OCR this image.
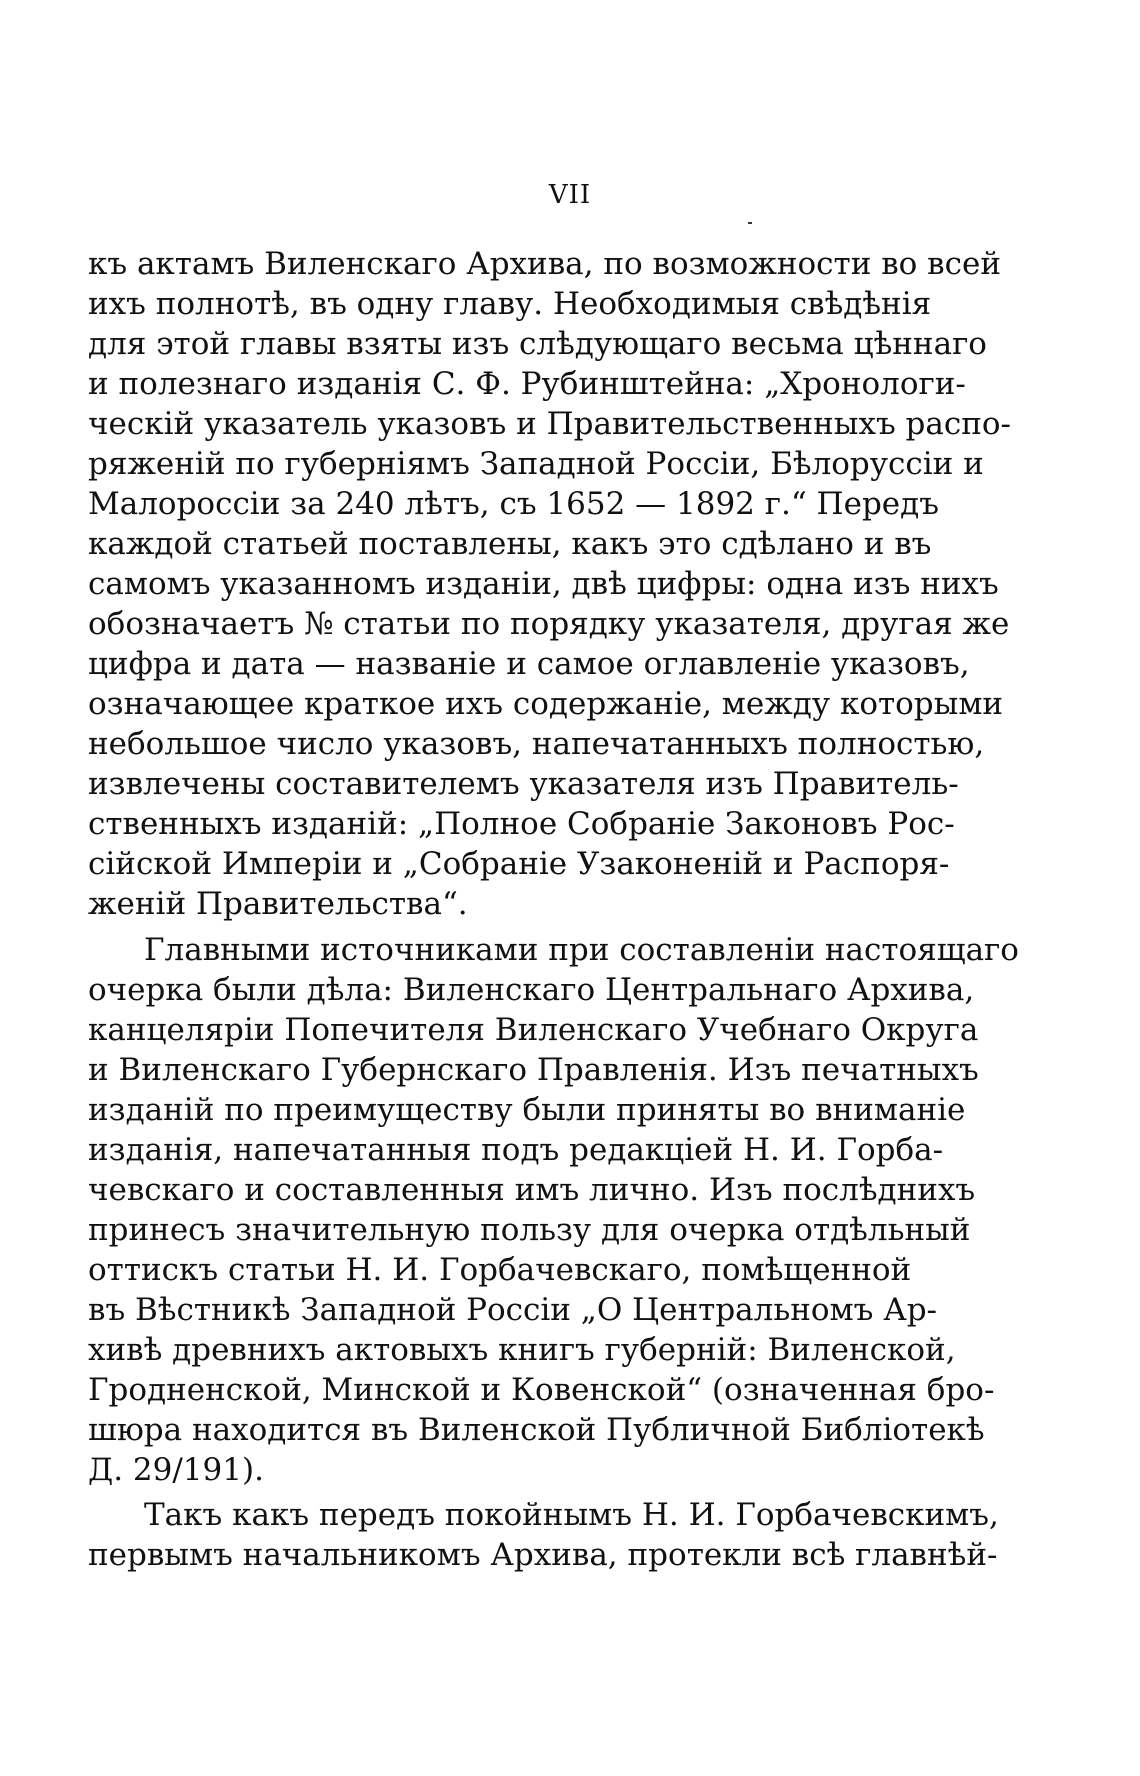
VII
къ актамъ Виленскаго Архива, по возможности во всей
ихъ полнотѣ, въ одну главу. Необходимыя свѣдѣнія
для этой главы взяты изъ слѣдующаго весьма цѣннаго
и полезнаго изданія С. Ф. Рубинштейна: „Хронологи-
ческій указатель указовъ и Правительственныхъ распо-
ряженій по губерніямъ Западной Россіи, Бѣлоруссіи и
Малороссіи за 240 лѣтъ, съ 1652 — 1892 г.“ Передъ
каждой статьей поставлены, какъ это сдѣлано и въ
самомъ указанномъ изданіи, двѣ цифры: одна изъ нихъ
обозначаетъ № статьи по порядку указателя, другая же
цифра и дата — названіе и самое оглавленіе указовъ,
означающее краткое ихъ содержаніе, между которыми
небольшое число указовъ, напечатанныхъ полностью,
извлечены составителемъ указателя изъ Правитель-
ственныхъ изданій: „Полное Собраніе Законовъ Рос-
сійской Имперіи и „Собраніе Узаконеній и Распоря-
женій Правительства“.
Главными источниками при составленіи настоящаго
очерка были дѣла: Виленскаго Центральнаго Архива,
канцеляріи Попечителя Виленскаго Учебнаго Округа
и Виленскаго Губернскаго Правленія. Изъ печатныхъ
изданій по преимуществу были приняты во вниманіе
изданія, напечатанныя подъ редакціей Н. И. Горба-
чевскаго и составленныя имъ лично. Изъ послѣднихъ
принесъ значительную пользу для очерка отдѣльный
оттискъ статьи Н. И. Горбачевскаго, помѣщенной
въ Вѣстникѣ Западной Россіи „О Центральномъ Ар-
хивѣ древнихъ актовыхъ книгъ губерній: Виленской,
Гродненской, Минской и Ковенской“ (означенная бро-
шюра находится въ Виленской Публичной Библіотекѣ
Д. 29/191).
Такъ какъ передъ покойнымъ Н. И. Горбачевскимъ,
первымъ начальникомъ Архива, протекли всѣ главнѣй-
